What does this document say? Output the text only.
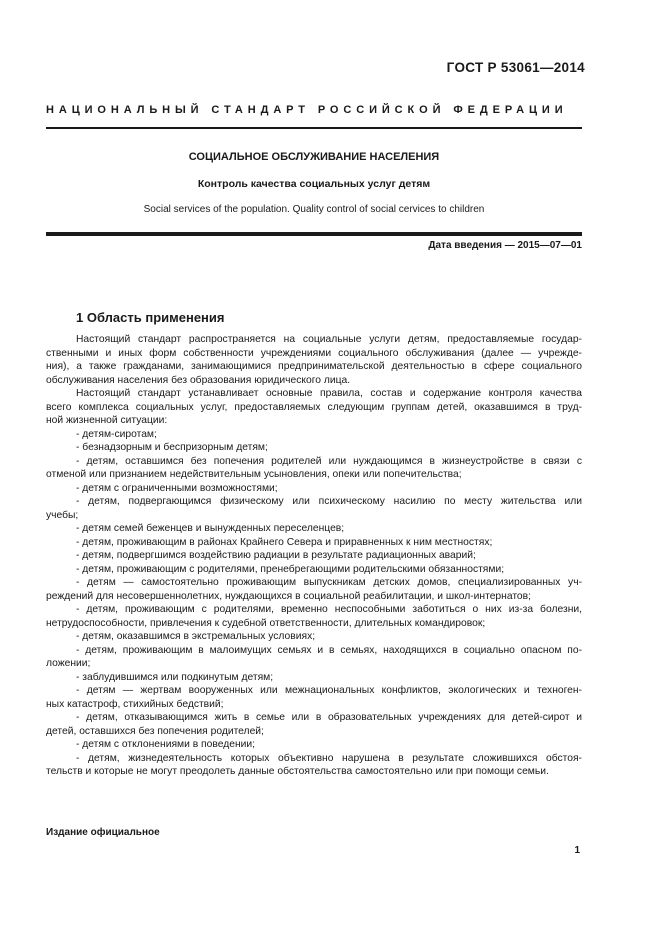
ГОСТ Р 53061—2014
НАЦИОНАЛЬНЫЙ СТАНДАРТ РОССИЙСКОЙ ФЕДЕРАЦИИ
СОЦИАЛЬНОЕ ОБСЛУЖИВАНИЕ НАСЕЛЕНИЯ
Контроль качества социальных услуг детям
Social services of the population. Quality control of social cervices to children
Дата введения — 2015—07—01
1 Область применения
Настоящий стандарт распространяется на социальные услуги детям, предоставляемые государ-
ственными и иных форм собственности учреждениями социального обслуживания (далее — учрежде-
ния), а также гражданами, занимающимися предпринимательской деятельностью в сфере социального
обслуживания населения без образования юридического лица.
Настоящий стандарт устанавливает основные правила, состав и содержание контроля качества
всего комплекса социальных услуг, предоставляемых следующим группам детей, оказавшимся в труд-
ной жизненной ситуации:
- детям-сиротам;
- безнадзорным и беспризорным детям;
- детям, оставшимся без попечения родителей или нуждающимся в жизнеустройстве в связи с
отменой или признанием недействительным усыновления, опеки или попечительства;
- детям с ограниченными возможностями;
- детям, подвергающимся физическому или психическому насилию по месту жительства или
учебы;
- детям семей беженцев и вынужденных переселенцев;
- детям, проживающим в районах Крайнего Севера и приравненных к ним местностях;
- детям, подвергшимся воздействию радиации в результате радиационных аварий;
- детям, проживающим с родителями, пренебрегающими родительскими обязанностями;
- детям — самостоятельно проживающим выпускникам детских домов, специализированных уч-
реждений для несовершеннолетних, нуждающихся в социальной реабилитации, и школ-интернатов;
- детям, проживающим с родителями, временно неспособными заботиться о них из-за болезни,
нетрудоспособности, привлечения к судебной ответственности, длительных командировок;
- детям, оказавшимся в экстремальных условиях;
- детям, проживающим в малоимущих семьях и в семьях, находящихся в социально опасном по-
ложении;
- заблудившимся или подкинутым детям;
- детям — жертвам вооруженных или межнациональных конфликтов, экологических и техноген-
ных катастроф, стихийных бедствий;
- детям, отказывающимся жить в семье или в образовательных учреждениях для детей-сирот и
детей, оставшихся без попечения родителей;
- детям с отклонениями в поведении;
- детям, жизнедеятельность которых объективно нарушена в результате сложившихся обстоя-
тельств и которые не могут преодолеть данные обстоятельства самостоятельно или при помощи семьи.
Издание официальное
1
